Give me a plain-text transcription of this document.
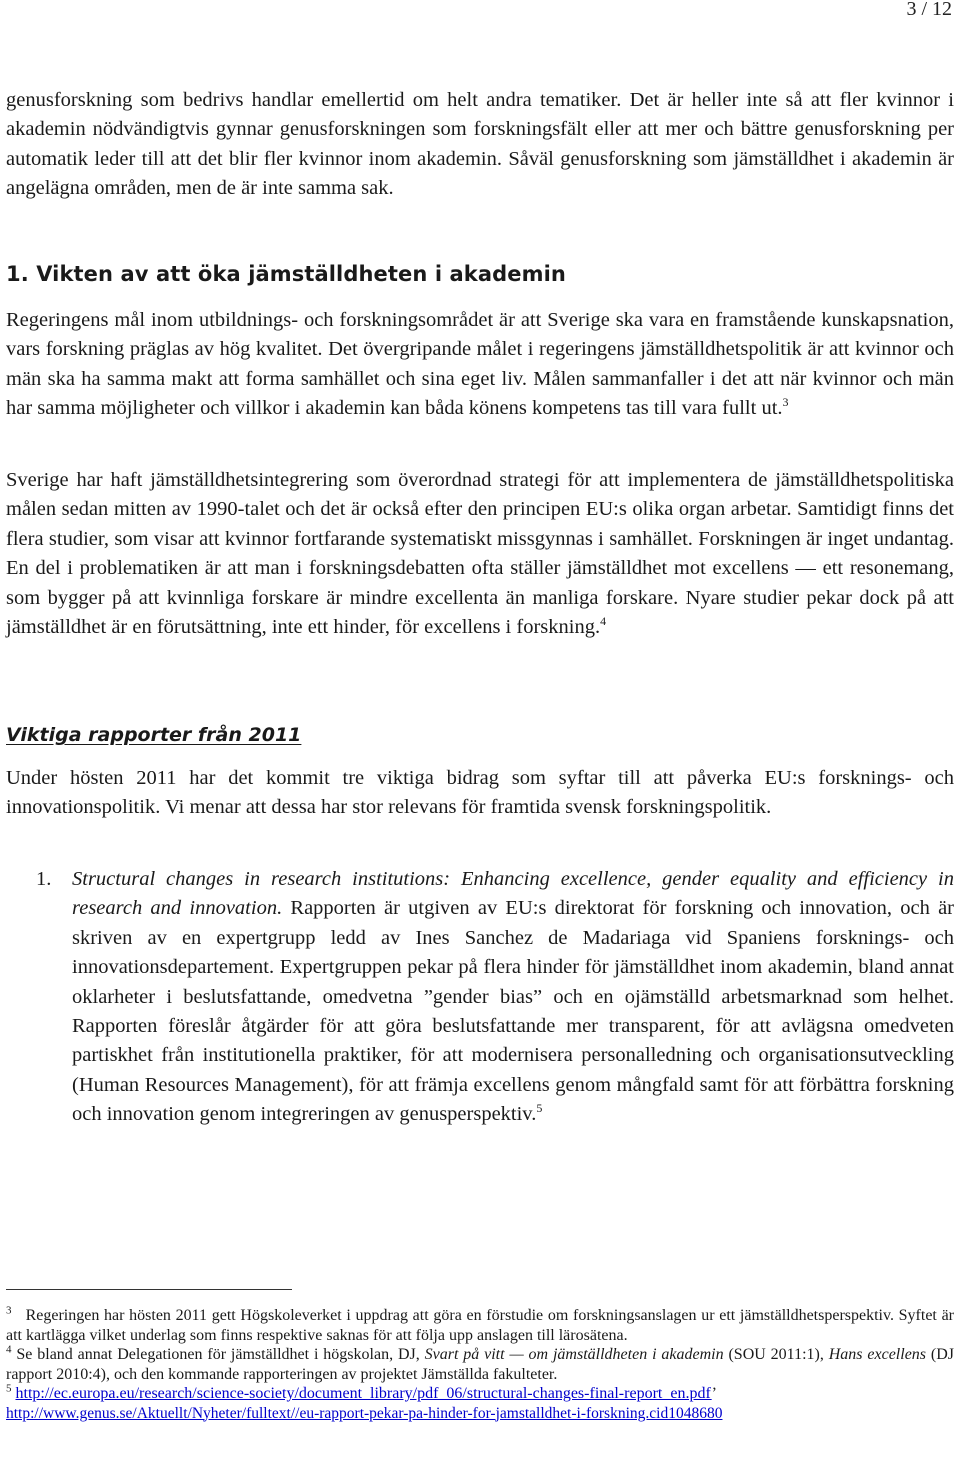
3 / 12

genusforskning som bedrivs handlar emellertid om helt andra tematiker. Det är heller inte så att fler kvinnor i akademin nödvändigtvis gynnar genusforskningen som forskningsfält eller att mer och bättre genusforskning per automatik leder till att det blir fler kvinnor inom akademin. Såväl genusforskning som jämställdhet i akademin är angelägna områden, men de är inte samma sak.

1. Vikten av att öka jämställdheten i akademin

Regeringens mål inom utbildnings- och forskningsområdet är att Sverige ska vara en framstående kunskapsnation, vars forskning präglas av hög kvalitet. Det övergripande målet i regeringens jämställdhetspolitik är att kvinnor och män ska ha samma makt att forma samhället och sina eget liv. Målen sammanfaller i det att när kvinnor och män har samma möjligheter och villkor i akademin kan båda könens kompetens tas till vara fullt ut.$^3$

Sverige har haft jämställdhetsintegrering som överordnad strategi för att implementera de jämställdhetspolitiska målen sedan mitten av 1990-talet och det är också efter den principen EU:s olika organ arbetar. Samtidigt finns det flera studier, som visar att kvinnor fortfarande systematiskt missgynnas i samhället. Forskningen är inget undantag. En del i problematiken är att man i forskningsdebatten ofta ställer jämställdhet mot excellens — ett resonemang, som bygger på att kvinnliga forskare är mindre excellenta än manliga forskare. Nyare studier pekar dock på att jämställdhet är en förutsättning, inte ett hinder, för excellens i forskning.$^4$

Viktiga rapporter från 2011

Under hösten 2011 har det kommit tre viktiga bidrag som syftar till att påverka EU:s forsknings- och innovationspolitik. Vi menar att dessa har stor relevans för framtida svensk forskningspolitik.

1. Structural changes in research institutions: Enhancing excellence, gender equality and efficiency in research and innovation. Rapporten är utgiven av EU:s direktorat för forskning och innovation, och är skriven av en expertgrupp ledd av Ines Sanchez de Madariaga vid Spaniens forsknings- och innovationsdepartement. Expertgruppen pekar på flera hinder för jämställdhet inom akademin, bland annat oklarheter i beslutsfattande, omedvetna ”gender bias” och en ojämställd arbetsmarknad som helhet. Rapporten föreslår åtgärder för att göra beslutsfattande mer transparent, för att avlägsna omedveten partiskhet från institutionella praktiker, för att modernisera personalledning och organisationsutveckling (Human Resources Management), för att främja excellens genom mångfald samt för att förbättra forskning och innovation genom integreringen av genusperspektiv.$^5$

$^3$ Regeringen har hösten 2011 gett Högskoleverket i uppdrag att göra en förstudie om forskningsanslagen ur ett jämställdhetsperspektiv. Syftet är att kartlägga vilket underlag som finns respektive saknas för att följa upp anslagen till lärosätena.

$^4$ Se bland annat Delegationen för jämställdhet i högskolan, DJ, Svart på vitt — om jämställdheten i akademin (SOU 2011:1), Hans excellens (DJ rapport 2010:4), och den kommande rapporteringen av projektet Jämställda fakulteter.

$^5$ http://ec.europa.eu/research/science-society/document_library/pdf_06/structural-changes-final-report_en.pdf’

http://www.genus.se/Aktuellt/Nyheter/fulltext//eu-rapport-pekar-pa-hinder-for-jamstalldhet-i-forskning.cid1048680
